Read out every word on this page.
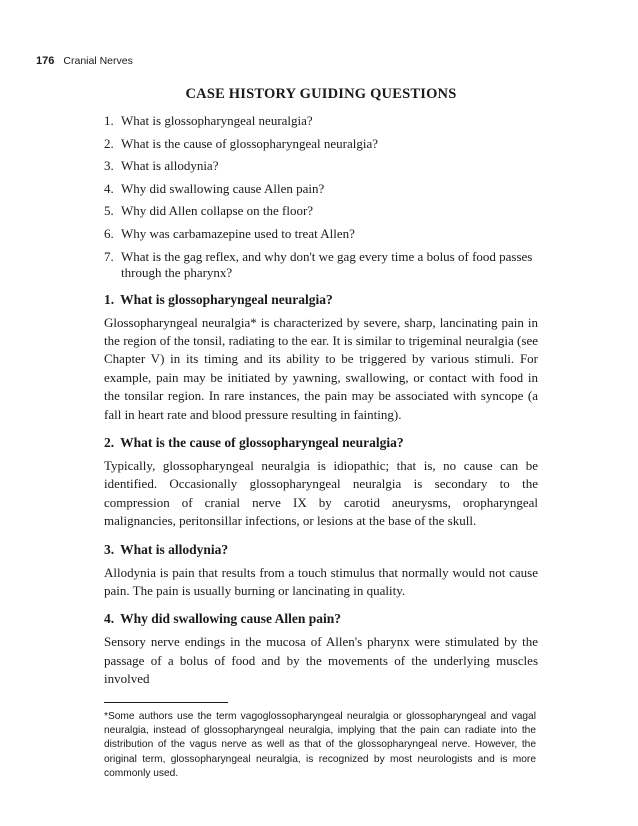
176 Cranial Nerves
CASE HISTORY GUIDING QUESTIONS
1. What is glossopharyngeal neuralgia?
2. What is the cause of glossopharyngeal neuralgia?
3. What is allodynia?
4. Why did swallowing cause Allen pain?
5. Why did Allen collapse on the floor?
6. Why was carbamazepine used to treat Allen?
7. What is the gag reflex, and why don't we gag every time a bolus of food passes through the pharynx?
1. What is glossopharyngeal neuralgia?

Glossopharyngeal neuralgia* is characterized by severe, sharp, lancinating pain in the region of the tonsil, radiating to the ear. It is similar to trigeminal neuralgia (see Chapter V) in its timing and its ability to be triggered by various stimuli. For example, pain may be initiated by yawning, swallowing, or contact with food in the tonsilar region. In rare instances, the pain may be associated with syncope (a fall in heart rate and blood pressure resulting in fainting).

2. What is the cause of glossopharyngeal neuralgia?

Typically, glossopharyngeal neuralgia is idiopathic; that is, no cause can be identified. Occasionally glossopharyngeal neuralgia is secondary to the compression of cranial nerve IX by carotid aneurysms, oropharyngeal malignancies, peritonsillar infections, or lesions at the base of the skull.

3. What is allodynia?

Allodynia is pain that results from a touch stimulus that normally would not cause pain. The pain is usually burning or lancinating in quality.

4. Why did swallowing cause Allen pain?

Sensory nerve endings in the mucosa of Allen's pharynx were stimulated by the passage of a bolus of food and by the movements of the underlying muscles involved

*Some authors use the term vagoglossopharyngeal neuralgia or glossopharyngeal and vagal neuralgia, instead of glossopharyngeal neuralgia, implying that the pain can radiate into the distribution of the vagus nerve as well as that of the glossopharyngeal nerve. However, the original term, glossopharyngeal neuralgia, is recognized by most neurologists and is more commonly used.
